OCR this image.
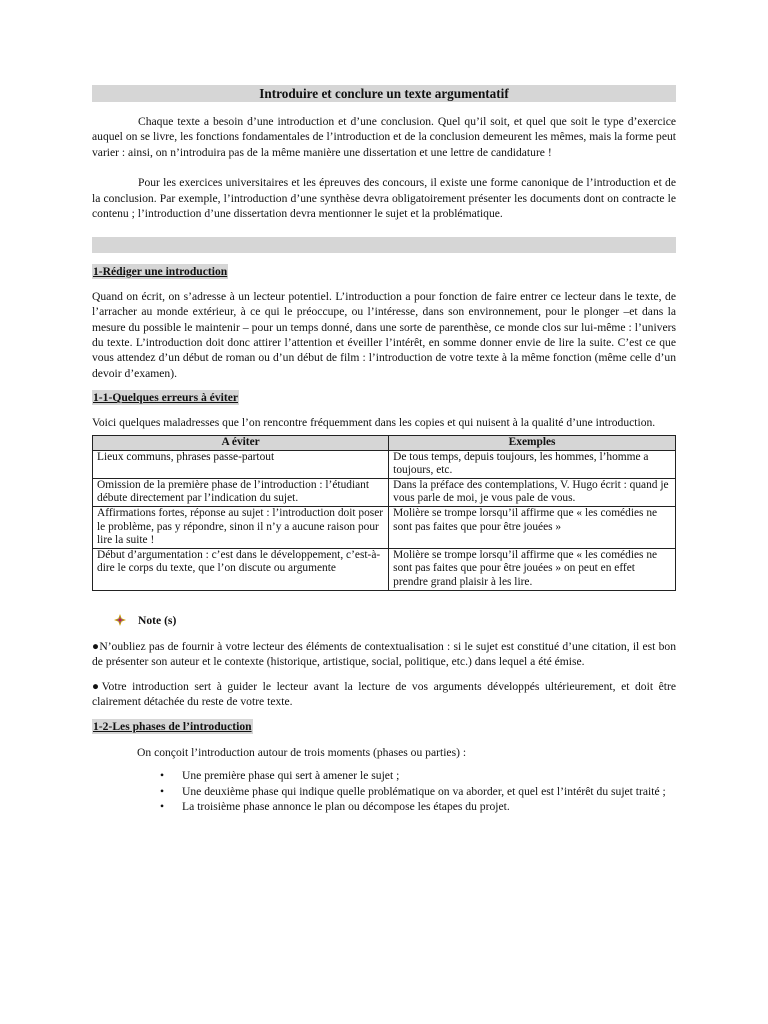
Introduire et conclure un texte argumentatif

Chaque texte a besoin d’une introduction et d’une conclusion. Quel qu’il soit, et quel que soit le type d’exercice auquel on se livre, les fonctions fondamentales de l’introduction et de la conclusion demeurent les mêmes, mais la forme peut varier : ainsi, on n’introduira pas de la même manière une dissertation et une lettre de candidature !

Pour les exercices universitaires et les épreuves des concours, il existe une forme canonique de l’introduction et de la conclusion. Par exemple, l’introduction d’une synthèse devra obligatoirement présenter les documents dont on contracte le contenu ; l’introduction d’une dissertation devra mentionner le sujet et la problématique.

1-Rédiger une introduction

Quand on écrit, on s’adresse à un lecteur potentiel. L’introduction a pour fonction de faire entrer ce lecteur dans le texte, de l’arracher au monde extérieur, à ce qui le préoccupe, ou l’intéresse, dans son environnement, pour le plonger –et dans la mesure du possible le maintenir – pour un temps donné, dans une sorte de parenthèse, ce monde clos sur lui-même : l’univers du texte. L’introduction doit donc attirer l’attention et éveiller l’intérêt, en somme donner envie de lire la suite. C’est ce que vous attendez d’un début de roman ou d’un début de film : l’introduction de votre texte à la même fonction (même celle d’un devoir d’examen).

1-1-Quelques erreurs à éviter

Voici quelques maladresses que l’on rencontre fréquemment dans les copies et qui nuisent à la qualité d’une introduction.

A éviter	Exemples
Lieux communs, phrases passe-partout	De tous temps, depuis toujours, les hommes, l’homme a toujours, etc.
Omission de la première phase de l’introduction : l’étudiant débute directement par l’indication du sujet.	Dans la préface des contemplations, V. Hugo écrit : quand je vous parle de moi, je vous pale de vous.
Affirmations fortes, réponse au sujet : l’introduction doit poser le problème, pas y répondre, sinon il n’y a aucune raison pour lire la suite !	Molière se trompe lorsqu’il affirme que « les comédies ne sont pas faites que pour être jouées »
Début d’argumentation : c’est dans le développement, c’est-à-dire le corps du texte, que l’on discute ou argumente	Molière se trompe lorsqu’il affirme que « les comédies ne sont pas faites que pour être jouées » on peut en effet prendre grand plaisir à les lire.
Note (s)

●N’oubliez pas de fournir à votre lecteur des éléments de contextualisation : si le sujet est constitué d’une citation, il est bon de présenter son auteur et le contexte (historique, artistique, social, politique, etc.) dans lequel a été émise.

●Votre introduction sert à guider le lecteur avant la lecture de vos arguments développés ultérieurement, et doit être clairement détachée du reste de votre texte.

1-2-Les phases de l’introduction

On conçoit l’introduction autour de trois moments (phases ou parties) :

• Une première phase qui sert à amener le sujet ;
• Une deuxième phase qui indique quelle problématique on va aborder, et quel est l’intérêt du sujet traité ;
• La troisième phase annonce le plan ou décompose les étapes du projet.
